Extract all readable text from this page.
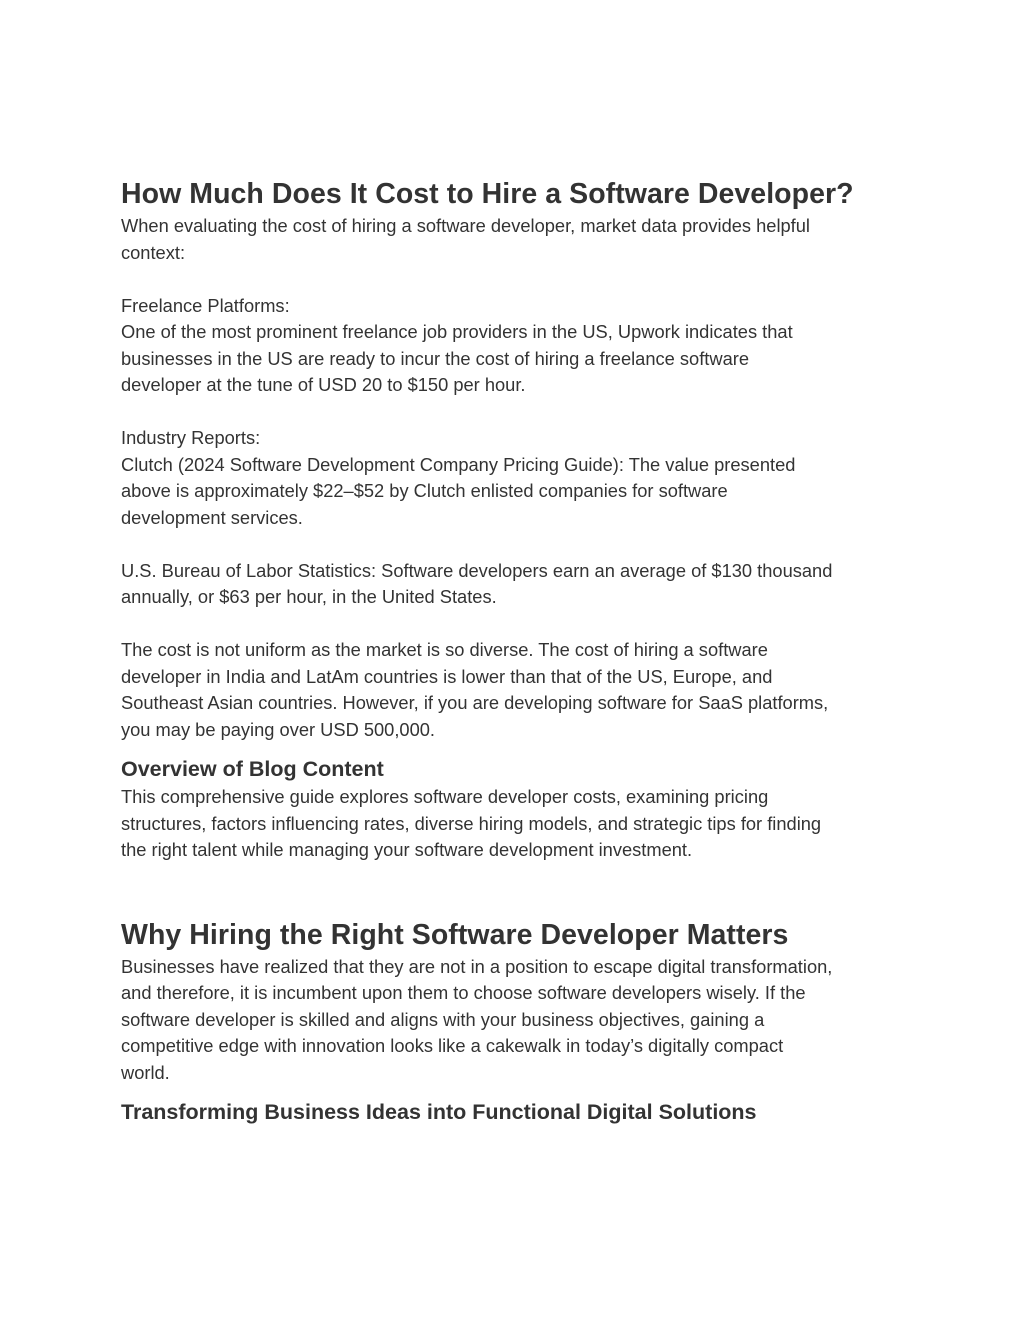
How Much Does It Cost to Hire a Software Developer?

When evaluating the cost of hiring a software developer, market data provides helpful

context:

Freelance Platforms:

One of the most prominent freelance job providers in the US, Upwork indicates that

businesses in the US are ready to incur the cost of hiring a freelance software

developer at the tune of USD 20 to $150 per hour.

Industry Reports:

Clutch (2024 Software Development Company Pricing Guide): The value presented

above is approximately $22–$52 by Clutch enlisted companies for software

development services.

U.S. Bureau of Labor Statistics: Software developers earn an average of $130 thousand

annually, or $63 per hour, in the United States.

The cost is not uniform as the market is so diverse. The cost of hiring a software

developer in India and LatAm countries is lower than that of the US, Europe, and

Southeast Asian countries. However, if you are developing software for SaaS platforms,

you may be paying over USD 500,000.

Overview of Blog Content

This comprehensive guide explores software developer costs, examining pricing

structures, factors influencing rates, diverse hiring models, and strategic tips for finding

the right talent while managing your software development investment.

Why Hiring the Right Software Developer Matters

Businesses have realized that they are not in a position to escape digital transformation,

and therefore, it is incumbent upon them to choose software developers wisely. If the

software developer is skilled and aligns with your business objectives, gaining a

competitive edge with innovation looks like a cakewalk in today’s digitally compact

world.

Transforming Business Ideas into Functional Digital Solutions
